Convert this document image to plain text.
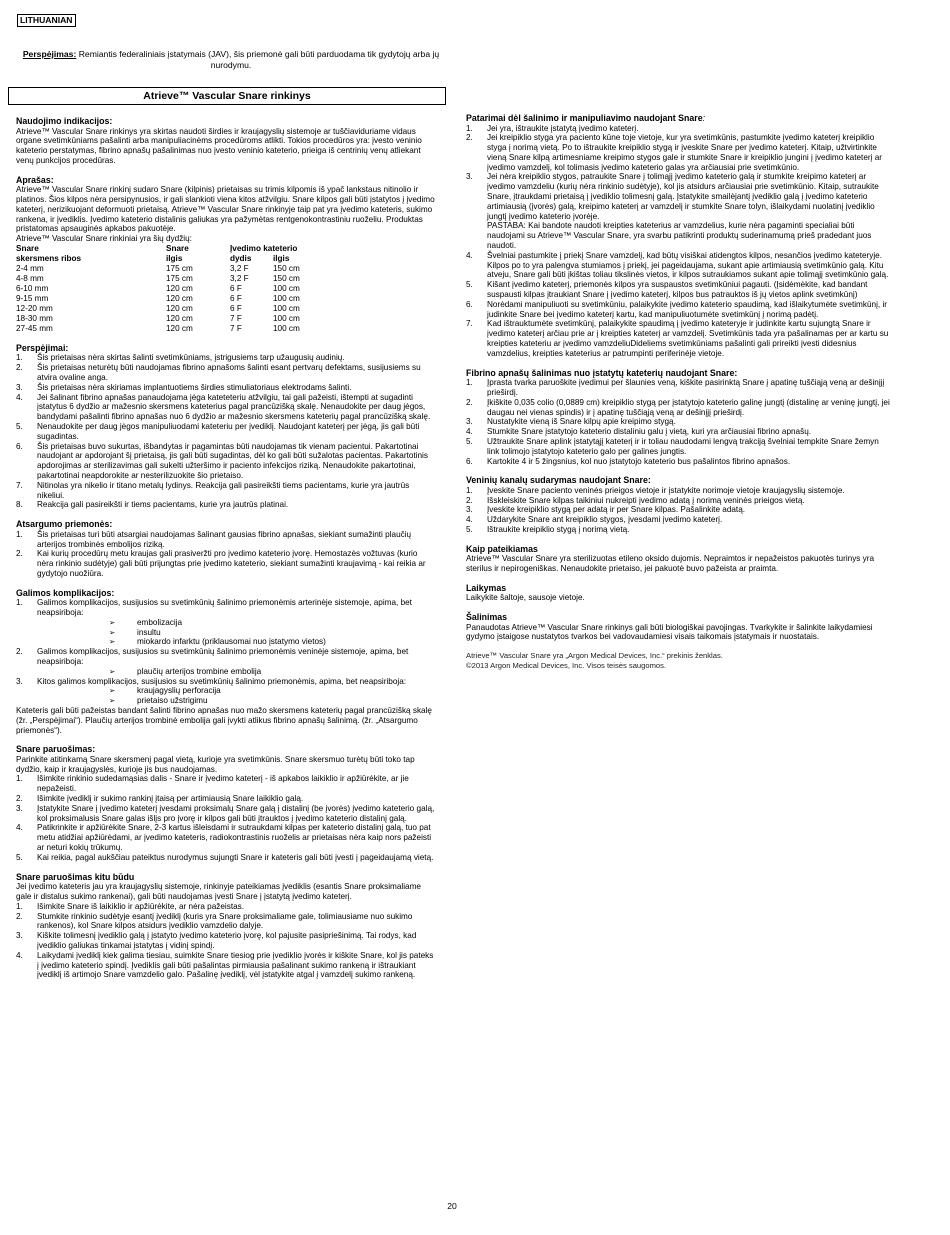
LITHUANIAN
Perspėjimas: Remiantis federaliniais įstatymais (JAV), šis priemonė gali būti parduodama tik gydytojų arba jų nurodymu.
Atrieve™ Vascular Snare rinkinys
Naudojimo indikacijos:

Atrieve™ Vascular Snare rinkinys yra skirtas naudoti širdies ir kraujagyslių sistemoje ar tuščiaviduriame vidaus organe svetimkūniams pašalinti arba manipuliacinėms procedūroms atlikti. Tokios procedūros yra: įvesto veninio kateterio perstatymas, fibrino apnašų pašalinimas nuo įvesto veninio kateterio, prieiga iš centrinių venų atliekant venų punkcijos procedūras.

Aprašas:

Atrieve™ Vascular Snare rinkinį sudaro Snare (kilpinis) prietaisas su trimis kilpomis iš ypač lankstaus nitinolio ir platinos. Šios kilpos nėra persipynusios, ir gali slankioti viena kitos atžvilgiu. Snare kilpos gali būti įstatytos į įvedimo kateterį, nerizikuojant deformuoti prietaisą. Atrieve™ Vascular Snare rinkinyje taip pat yra įvedimo kateteris, sukimo rankena, ir įvediklis. Įvedimo kateterio distalinis galiukas yra pažymėtas rentgenokontrastiniu ruoželiu. Produktas pristatomas apsauginės apkabos pakuotėje.

Atrieve™ Vascular Snare rinkiniai yra šių dydžių:

Snare	Snare	Įvedimo kateterio	
skersmens ribos	ilgis	dydis	ilgis
2-4 mm	175 cm	3,2 F	150 cm
4-8 mm	175 cm	3,2 F	150 cm
6-10 mm	120 cm	6 F	100 cm
9-15 mm	120 cm	6 F	100 cm
12-20 mm	120 cm	6 F	100 cm
18-30 mm	120 cm	7 F	100 cm
27-45 mm	120 cm	7 F	100 cm
Perspėjimai:
1. Šis prietaisas nėra skirtas šalinti svetimkūniams, įstrigusiems tarp užaugusių audinių.
2. Šis prietaisas neturėtų būti naudojamas fibrino apnašoms šalinti esant pertvarų defektams, susijusiems su atvira ovaline anga.
3. Šis prietaisas nėra skiriamas implantuotiems širdies stimuliatoriaus elektrodams šalinti.
4. Jei šalinant fibrino apnašas panaudojama jėga kateteteriu atžvilgiu, tai gali pažeisti, ištempti at sugadinti įstatytus 6 dydžio ar mažesnio skersmens kateterius pagal prancūzišką skalę. Nenaudokite per daug jėgos, bandydami pašalinti fibrino apnašas nuo 6 dydžio ar mažesnio skersmens kateterių pagal prancūzišką skalę.
5. Nenaudokite per daug jėgos manipuliuodami kateteriu per įvediklį. Naudojant kateterį per jėgą, jis gali būti sugadintas.
6. Šis prietaisas buvo sukurtas, išbandytas ir pagamintas būti naudojamas tik vienam pacientui. Pakartotinai naudojant ar apdorojant šį prietaisą, jis gali būti sugadintas, dėl ko gali būti sužalotas pacientas. Pakartotinis apdorojimas ar sterilizavimas gali sukelti užteršimo ir paciento infekcijos riziką. Nenaudokite pakartotinai, pakartotinai neapdorokite ar nesterilizuokite šio prietaiso.
7. Nitinolas yra nikelio ir titano metalų lydinys. Reakcija gali pasireikšti tiems pacientams, kurie yra jautrūs nikeliui.
8. Reakcija gali pasireikšti ir tiems pacientams, kurie yra jautrūs platinai.
Atsargumo priemonės:
1. Šis prietaisas turi būti atsargiai naudojamas šalinant gausias fibrino apnašas, siekiant sumažinti plaučių arterijos trombinės embolijos riziką.
2. Kai kurių procedūrų metu kraujas gali prasiveržti pro įvedimo kateterio įvorę. Hemostazės vožtuvas (kurio nėra rinkinio sudėtyje) gali būti prijungtas prie įvedimo kateterio, siekiant sumažinti kraujavimą - kai reikia ar gydytojo nuožiūra.
Galimos komplikacijos:
1. Galimos komplikacijos, susijusios su svetimkūnių šalinimo priemonėmis arterinėje sistemoje, apima, bet neapsiriboja:
➢ embolizacija
➢ insultu
➢ miokardo infarktu (priklausomai nuo įstatymo vietos)
2. Galimos komplikacijos, susijusios su svetimkūnių šalinimo priemonėmis veninėje sistemoje, apima, bet neapsiriboja:
➢ plaučių arterijos trombine embolija
3. Kitos galimos komplikacijos, susijusios su svetimkūnių šalinimo priemonėmis, apima, bet neapsiriboja:
➢ kraujagyslių perforacija
➢ prietaiso užstrigimu

Kateteris gali būti pažeistas bandant šalinti fibrino apnašas nuo mažo skersmens kateterių pagal prancūzišką skalę (žr. „Perspėjimai“). Plaučių arterijos trombinė embolija gali įvykti atlikus fibrino apnašų šalinimą. (žr. „Atsargumo priemonės“).

Snare paruošimas:

Parinkite atitinkamą Snare skersmenį pagal vietą, kurioje yra svetimkūnis. Snare skersmuo turėtų būti toko tap dydžio, kaip ir kraujagyslės, kurioje jis bus naudojamas.

1. Išimkite rinkinio sudedamąsias dalis - Snare ir įvedimo kateterį - iš apkabos laikiklio ir apžiūrėkite, ar jie nepažeisti.
2. Išimkite įvediklį ir sukimo rankinį įtaisą per artimiausią Snare laikiklio galą.
3. Įstatykite Snare į įvedimo kateterį įvesdami proksimalų Snare galą į distalinį (be įvorės) įvedimo kateterio galą, kol proksimalusis Snare galas išlįs pro įvorę ir kilpos gali būti įtrauktos į įvedimo kateterio distalinį galą.
4. Patikrinkite ir apžiūrėkite Snare, 2-3 kartus išleisdami ir sutraukdami kilpas per kateterio distalinį galą, tuo pat metu atidžiai apžiūrėdami, ar įvedimo kateteris, radiokontrastinis ruoželis ar prietaisas nėra kaip nors pažeisti ar neturi kokių trūkumų.
5. Kai reikia, pagal aukščiau pateiktus nurodymus sujungti Snare ir kateteris gali būti įvesti į pageidaujamą vietą.
Snare paruošimas kitu būdu

Jei įvedimo kateteris jau yra kraujagyslių sistemoje, rinkinyje pateikiamas įvediklis (esantis Snare proksimaliame gale ir distalus sukimo rankenai), gali būti naudojamas įvesti Snare į įstatytą įvedimo kateterį.

1. Išimkite Snare iš laikiklio ir apžiūrėkite, ar nėra pažeistas.
2. Stumkite rinkinio sudėtyje esantį įvediklį (kuris yra Snare proksimaliame gale, tolimiausiame nuo sukimo rankenos), kol Snare kilpos atsidurs įvediklio vamzdelio dalyje.
3. Kiškite tolimesnį įvediklio galą į įstatyto įvedimo kateterio įvorę, kol pajusite pasipriešinimą. Tai rodys, kad įvediklio galiukas tinkamai įstatytas į vidinį spindį.
4. Laikydami įvediklį kiek galima tiesiau, suimkite Snare tiesiog prie įvediklio įvorės ir kiškite Snare, kol jis pateks į įvedimo kateterio spindį. Įvediklis gali būti pašalintas pirmiausia pašalinant sukimo rankeną ir ištraukiant įvediklį iš artimojo Snare vamzdelio galo. Pašalinę įvediklį, vėl įstatykite atgal į vamzdelį sukimo rankeną.
Patarimai dėl šalinimo ir manipuliavimo naudojant Snare:
1. Jei yra, ištraukite įstatytą įvedimo kateterį.
2. Jei kreipiklio styga yra paciento kūne toje vietoje, kur yra svetimkūnis, pastumkite įvedimo kateterį kreipiklio styga į norimą vietą. Po to ištraukite kreipiklio stygą ir įveskite Snare per įvedimo kateterį. Kitaip, užtvirtinkite vieną Snare kilpą artimesniame kreipimo stygos gale ir stumkite Snare ir kreipiklio jungini į įvedimo kateterį ar įvedimo vamzdelį, kol tolimasis įvedimo kateterio galas yra arčiausiai prie svetimkūnio.
3. Jei nėra kreipiklio stygos, patraukite Snare į tolimąjį įvedimo kateterio galą ir stumkite kreipimo kateterį ar įvedimo vamzdeliu (kurių nėra rinkinio sudėtyje), kol jis atsidurs arčiausiai prie svetimkūnio. Kitaip, sutraukite Snare, įtraukdami prietaisą į įvediklio tolimesnį galą. Įstatykite smailėjantį įvediklio galą į įvedimo kateterio artimiausią (įvorės) galą, kreipimo kateterį ar vamzdelį ir stumkite Snare tolyn, išlaikydami nuolatinį įvediklio jungtį įvedimo kateterio įvorėje.
PASTABA: Kai bandote naudoti kreipties kateterius ar vamzdelius, kurie nėra pagaminti specialiai būti naudojami su Atrieve™ Vascular Snare, yra svarbu patikrinti produktų suderinamumą prieš pradedant juos naudoti.
4. Švelniai pastumkite į priekį Snare vamzdelį, kad būtų visiškai atidengtos kilpos, nesančios įvedimo kateteryje. Kilpos po to yra palengva stumiamos į priekį, jei pageidaujama, sukant apie artimiausią svetimkūnio galą. Kitu atveju, Snare gali būti įkištas toliau tikslinės vietos, ir kilpos sutraukiamos sukant apie tolimąjį svetimkūnio galą.
5. Kišant įvedimo kateterį, priemonės kilpos yra suspaustos svetimkūniui pagauti. (Įsidėmėkite, kad bandant suspausti kilpas įtraukiant Snare į įvedimo kateterį, kilpos bus patrauktos iš jų vietos aplink svetimkūnį)
6. Norėdami manipuliuoti su svetimkūniu, palaikykite įvedimo kateterio spaudimą, kad išlaikytumėte svetimkūnį, ir judinkite Snare bei įvedimo kateterį kartu, kad manipuliuotumėte svetimkūnį į norimą padėtį.
7. Kad ištrauktumėte svetimkūnį, palaikykite spaudimą į įvedimo kateteryje ir judinkite kartu sujungtą Snare ir įvedimo kateterį arčiau prie ar į kreipties kateterį ar vamzdelį. Svetimkūnis tada yra pašalinamas per ar kartu su kreipties kateteriu ar įvedimo vamzdeliuDideliems svetimkūniams pašalinti gali prireikti įvesti didesnius vamzdelius, kreipties kateterius ar patrumpinti periferinėje vietoje.
Fibrino apnašų šalinimas nuo įstatytų kateterių naudojant Snare:
1. Įprasta tvarka paruoškite įvedimui per šlaunies veną, kiškite pasirinktą Snare į apatinę tuščiąją veną ar dešinįjį prieširdį.
2. Įkiškite 0,035 colio (0,0889 cm) kreipiklio stygą per įstatytojo kateterio galinę jungtį (distalinę ar veninę jungtį, jei daugau nei vienas spindis) ir į apatinę tuščiąją veną ar dešinįjį prieširdį.
3. Nustatykite vieną iš Snare kilpų apie kreipimo stygą.
4. Stumkite Snare įstatytojo kateterio distaliniu galu į vietą, kuri yra arčiausiai fibrino apnašų.
5. Užtraukite Snare aplink įstatytąjį kateterį ir ir toliau naudodami lengvą trakciją švelniai tempkite Snare žemyn link tolimojo įstatytojo kateterio galo per galines jungtis.
6. Kartokite 4 ir 5 žingsnius, kol nuo įstatytojo kateterio bus pašalintos fibrino apnašos.
Veninių kanalų sudarymas naudojant Snare:
1. Įveskite Snare paciento veninės prieigos vietoje ir įstatykite norimoje vietoje kraujagyslių sistemoje.
2. Išskleiskite Snare kilpas taikiniui nukreipti įvedimo adatą į norimą veninės prieigos vietą.
3. Įveskite kreipiklio stygą per adatą ir per Snare kilpas. Pašalinkite adatą.
4. Uždarykite Snare ant kreipiklio stygos, įvesdami įvedimo kateterį.
5. Ištraukite kreipiklio stygą į norimą vietą.
Kaip pateikiamas

Atrieve™ Vascular Snare yra sterilizuotas etileno oksido dujomis. Nepraimtos ir nepažeistos pakuotės turinys yra sterilus ir nepirogeniškas. Nenaudokite prietaiso, jei pakuotė buvo pažeista ar praimta.

Laikymas

Laikykite šaltoje, sausoje vietoje.

Šalinimas

Panaudotas Atrieve™ Vascular Snare rinkinys gali būti biologiškai pavojingas. Tvarkykite ir šalinkite laikydamiesi gydymo įstaigose nustatytos tvarkos bei vadovaudamiesi visais taikomais įstatymais ir nuostatais.

Atrieve™ Vascular Snare yra „Argon Medical Devices, Inc.“ prekinis ženklas.

©2013 Argon Medical Devices, Inc. Visos teisės saugomos.

20
